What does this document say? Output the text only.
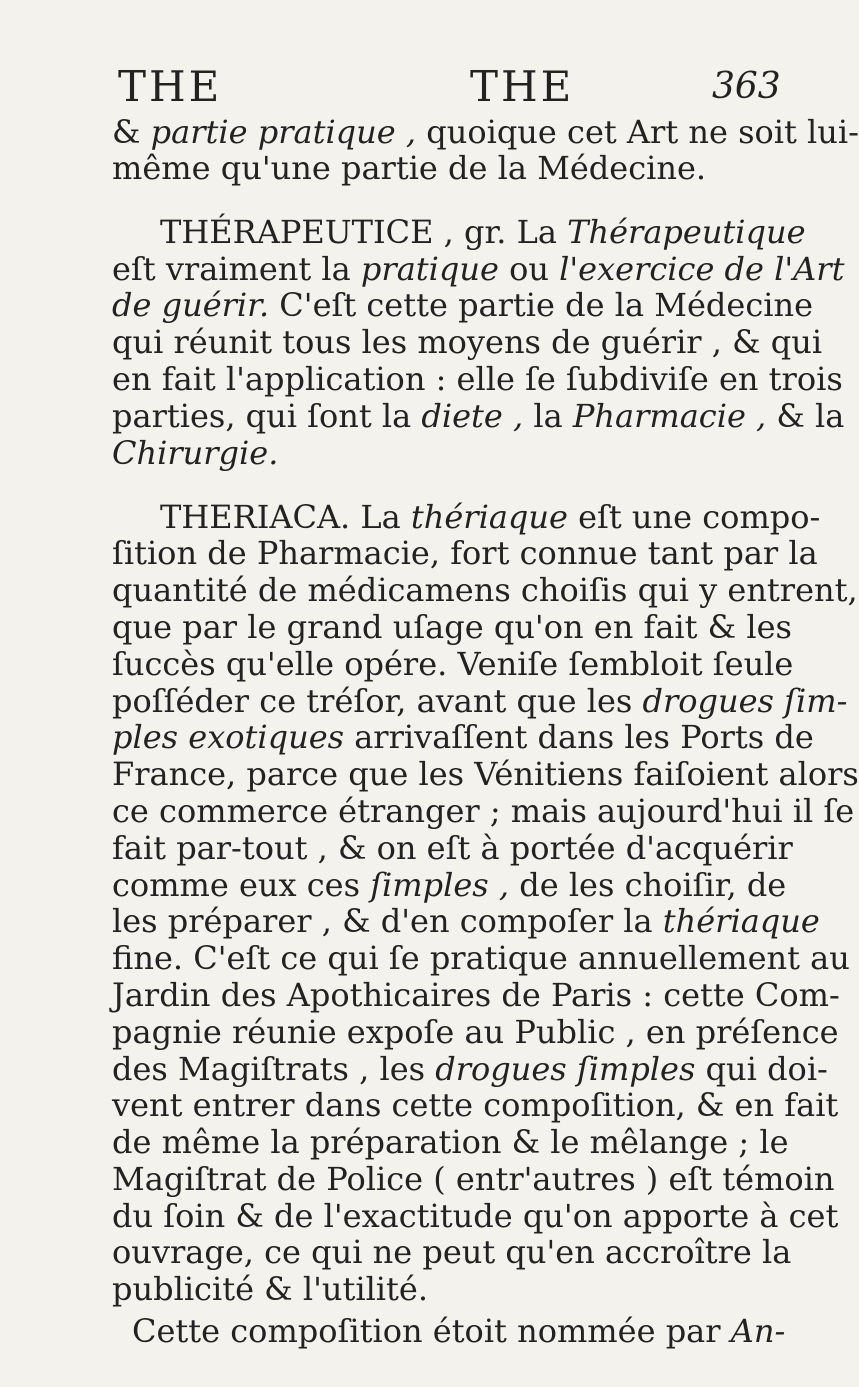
THE	THE	363
& partie pratique , quoique cet Art ne soit lui-
même qu'une partie de la Médecine.
THÉRAPEUTICE , gr. La Thérapeutique
eſt vraiment la pratique ou l'exercice de l'Art
de guérir. C'eſt cette partie de la Médecine
qui réunit tous les moyens de guérir , & qui
en fait l'application : elle ſe ſubdiviſe en trois
parties, qui ſont la diete , la Pharmacie , & la
Chirurgie.
THERIACA. La thériaque eſt une compo-
ſition de Pharmacie, fort connue tant par la
quantité de médicamens choiſis qui y entrent,
que par le grand uſage qu'on en fait & les
ſuccès qu'elle opére. Veniſe ſembloit ſeule
poſſéder ce tréſor, avant que les drogues ſim-
ples exotiques arrivaſſent dans les Ports de
France, parce que les Vénitiens faiſoient alors
ce commerce étranger ; mais aujourd'hui il ſe
fait par-tout , & on eſt à portée d'acquérir
comme eux ces ſimples , de les choiſir, de
les préparer , & d'en compoſer la thériaque
fine. C'eſt ce qui ſe pratique annuellement au
Jardin des Apothicaires de Paris : cette Com-
pagnie réunie expoſe au Public , en préſence
des Magiſtrats , les drogues ſimples qui doi-
vent entrer dans cette compoſition, & en fait
de même la préparation & le mêlange ; le
Magiſtrat de Police ( entr'autres ) eſt témoin
du ſoin & de l'exactitude qu'on apporte à cet
ouvrage, ce qui ne peut qu'en accroître la
publicité & l'utilité.
Cette compoſition étoit nommée par An-
